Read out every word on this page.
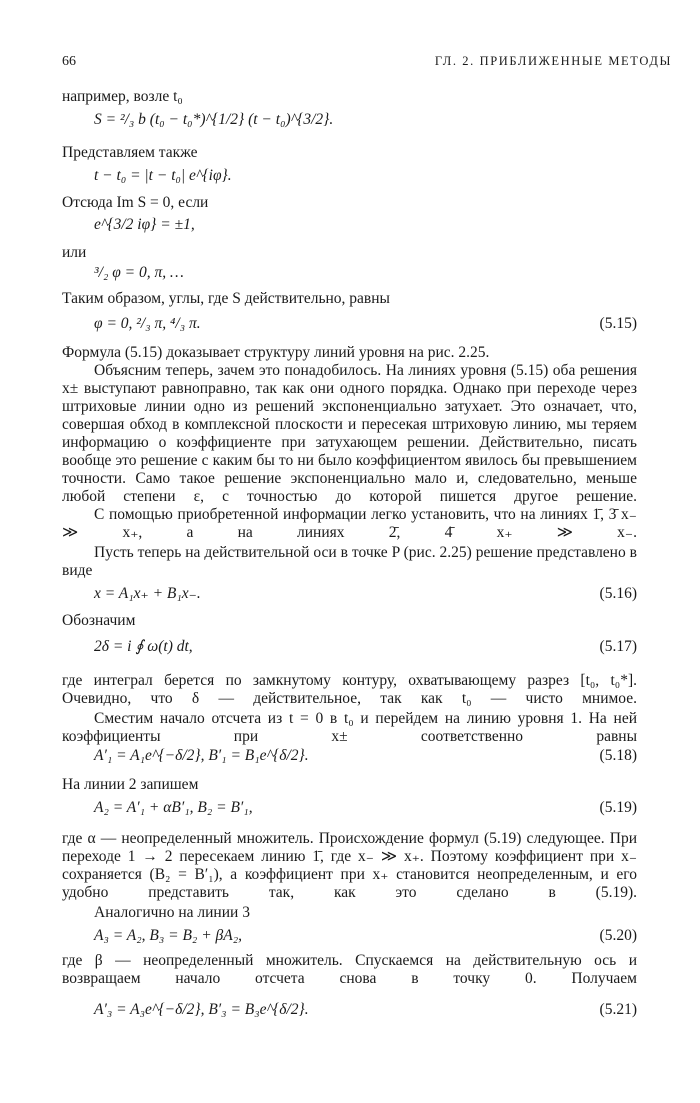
66	ГЛ. 2. ПРИБЛИЖЕННЫЕ МЕТОДЫ
например, возле t₀
S = ²/₃ b (t₀ − t₀*)^{1/2} (t − t₀)^{3/2}.
Представляем также
t − t₀ = |t − t₀| e^{iφ}.
Отсюда Im S = 0, если
e^{3/2 iφ} = ±1,
или
³/₂ φ = 0, π, …
Таким образом, углы, где S действительно, равны
φ = 0, ²/₃ π, ⁴/₃ π.	(5.15)
Формула (5.15) доказывает структуру линий уровня на рис. 2.25.
Объясним теперь, зачем это понадобилось. На линиях уровня (5.15) оба решения x± выступают равноправно, так как они одного порядка. Однако при переходе через штриховые линии одно из решений экспоненциально затухает. Это означает, что, совершая обход в комплексной плоскости и пересекая штриховую линию, мы теряем информацию о коэффициенте при затухающем решении. Действительно, писать вообще это решение с каким бы то ни было коэффициентом явилось бы превышением точности. Само такое решение экспоненциально мало и, следовательно, меньше любой степени ε, с точностью до которой пишется другое решение.
С помощью приобретенной информации легко установить, что на линиях 1̄, 3̄ x₋ ≫ x₊, а на линиях 2̄, 4̄ x₊ ≫ x₋.
Пусть теперь на действительной оси в точке P (рис. 2.25) решение представлено в виде
x = A₁x₊ + B₁x₋.	(5.16)
Обозначим
2δ = i ∮ ω(t) dt,	(5.17)
где интеграл берется по замкнутому контуру, охватывающему разрез [t₀, t₀*]. Очевидно, что δ — действительное, так как t₀ — чисто мнимое.
Сместим начало отсчета из t = 0 в t₀ и перейдем на линию уровня 1. На ней коэффициенты при x± соответственно равны
A′₁ = A₁e^{−δ/2}, B′₁ = B₁e^{δ/2}.	(5.18)
На линии 2 запишем
A₂ = A′₁ + αB′₁, B₂ = B′₁,	(5.19)
где α — неопределенный множитель. Происхождение формул (5.19) следующее. При переходе 1 → 2 пересекаем линию 1̄, где x₋ ≫ x₊. Поэтому коэффициент при x₋ сохраняется (B₂ = B′₁), а коэффициент при x₊ становится неопределенным, и его удобно представить так, как это сделано в (5.19).
Аналогично на линии 3
A₃ = A₂, B₃ = B₂ + βA₂,	(5.20)
где β — неопределенный множитель. Спускаемся на действительную ось и возвращаем начало отсчета снова в точку 0. Получаем
A′₃ = A₃e^{−δ/2}, B′₃ = B₃e^{δ/2}.	(5.21)
